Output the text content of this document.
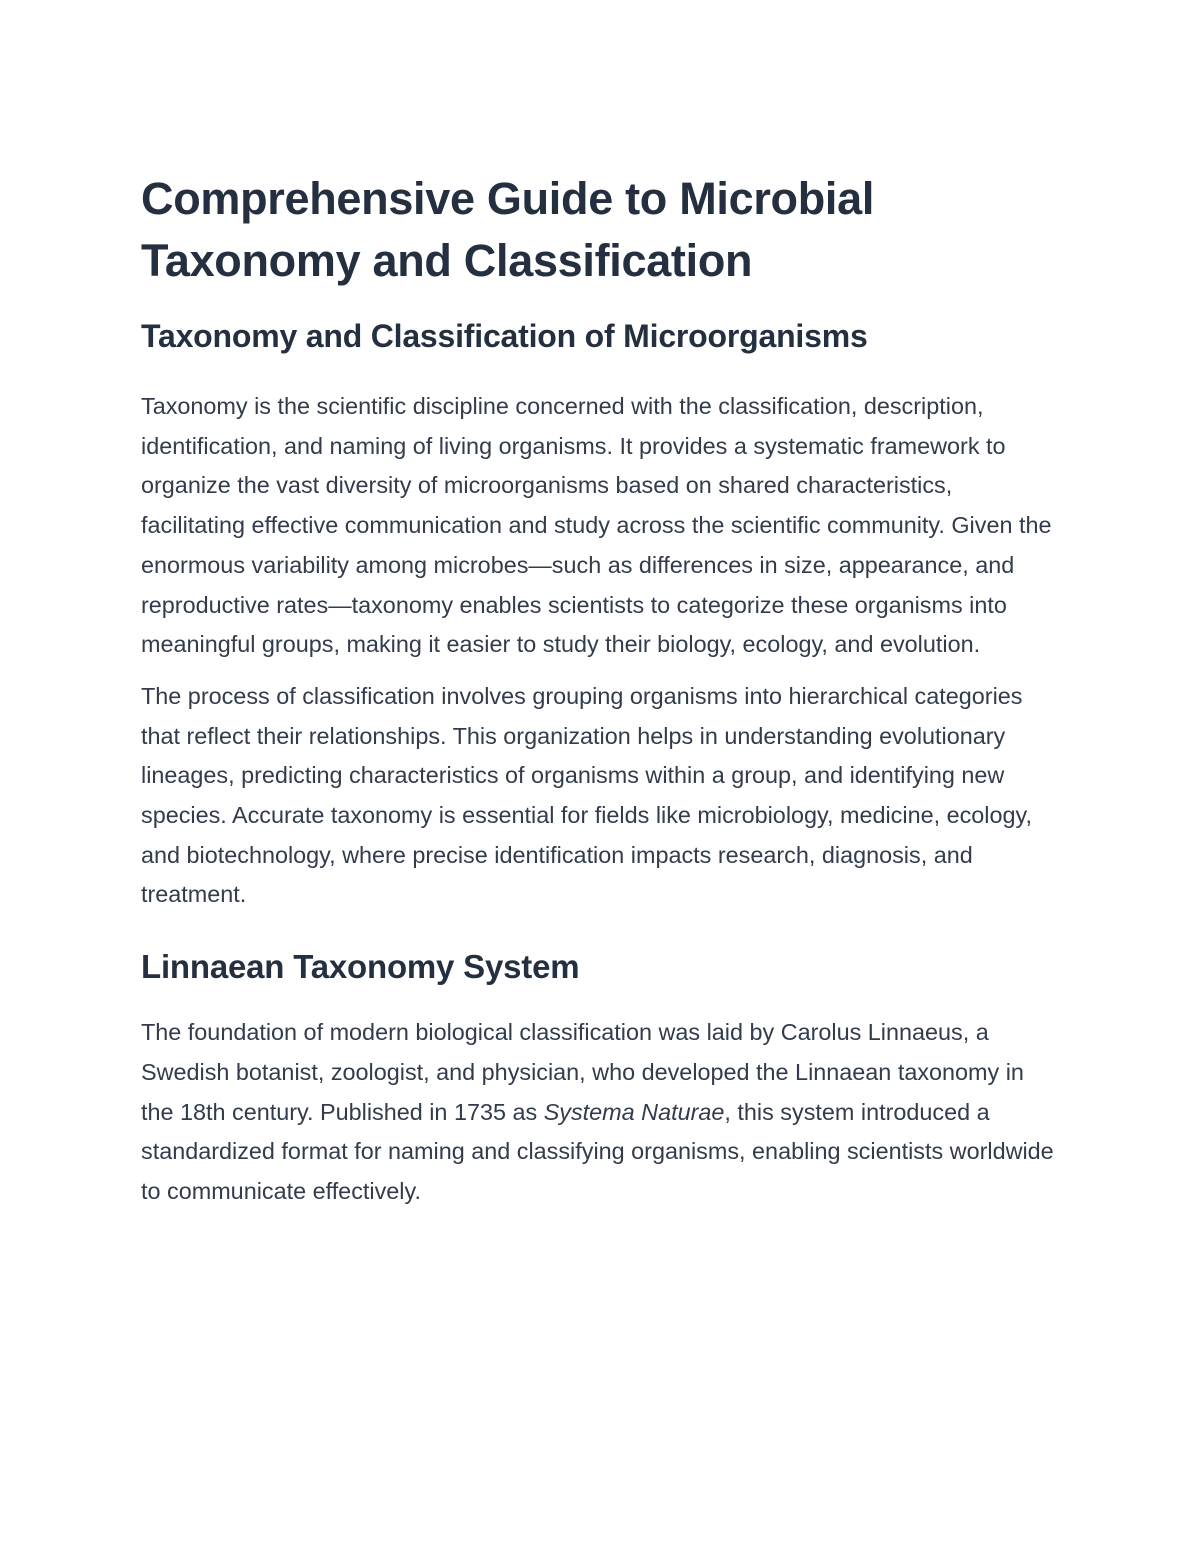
Comprehensive Guide to Microbial Taxonomy and Classification
Taxonomy and Classification of Microorganisms

Taxonomy is the scientific discipline concerned with the classification, description, identification, and naming of living organisms. It provides a systematic framework to organize the vast diversity of microorganisms based on shared characteristics, facilitating effective communication and study across the scientific community. Given the enormous variability among microbes—such as differences in size, appearance, and reproductive rates—taxonomy enables scientists to categorize these organisms into meaningful groups, making it easier to study their biology, ecology, and evolution.

The process of classification involves grouping organisms into hierarchical categories that reflect their relationships. This organization helps in understanding evolutionary lineages, predicting characteristics of organisms within a group, and identifying new species. Accurate taxonomy is essential for fields like microbiology, medicine, ecology, and biotechnology, where precise identification impacts research, diagnosis, and treatment.

Linnaean Taxonomy System

The foundation of modern biological classification was laid by Carolus Linnaeus, a Swedish botanist, zoologist, and physician, who developed the Linnaean taxonomy in the 18th century. Published in 1735 as Systema Naturae, this system introduced a standardized format for naming and classifying organisms, enabling scientists worldwide to communicate effectively.
